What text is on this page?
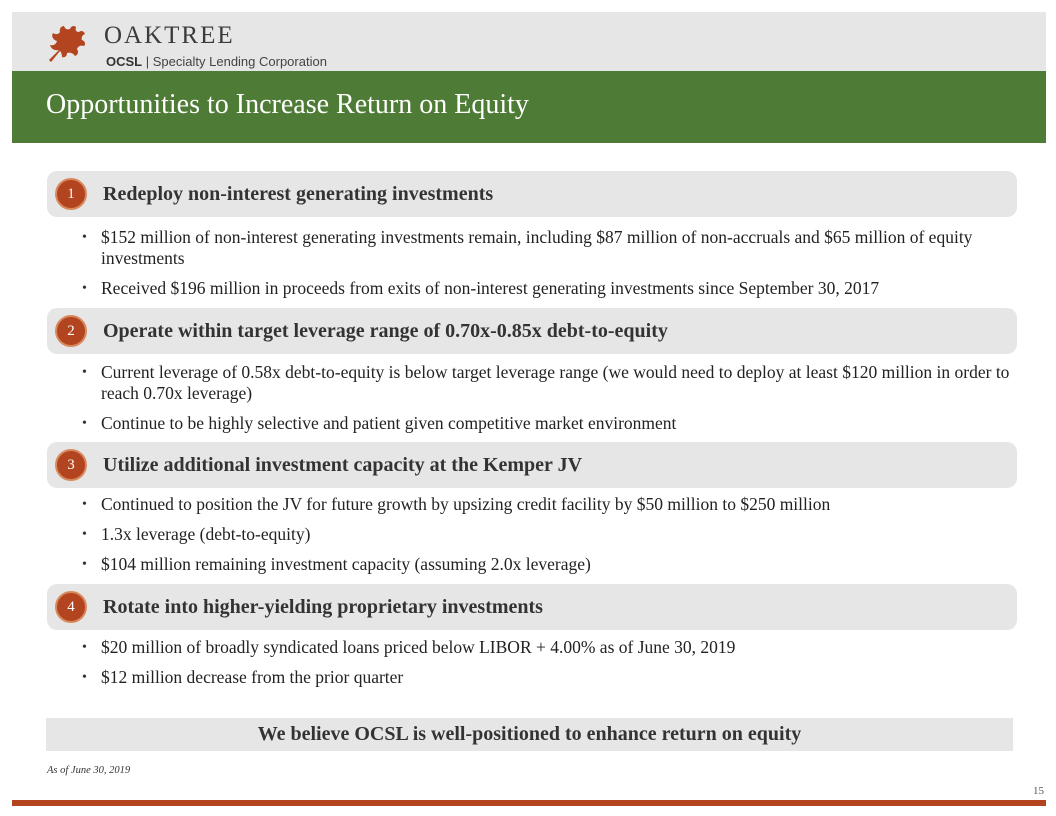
OAKTREE
OCSL | Specialty Lending Corporation
Opportunities to Increase Return on Equity
1	Redeploy non-interest generating investments
• $152 million of non-interest generating investments remain, including $87 million of non-accruals and $65 million of equity investments
• Received $196 million in proceeds from exits of non-interest generating investments since September 30, 2017
2	Operate within target leverage range of 0.70x-0.85x debt-to-equity
• Current leverage of 0.58x debt-to-equity is below target leverage range (we would need to deploy at least $120 million in order to reach 0.70x leverage)
• Continue to be highly selective and patient given competitive market environment
3	Utilize additional investment capacity at the Kemper JV
• Continued to position the JV for future growth by upsizing credit facility by $50 million to $250 million
• 1.3x leverage (debt-to-equity)
• $104 million remaining investment capacity (assuming 2.0x leverage)
4	Rotate into higher-yielding proprietary investments
• $20 million of broadly syndicated loans priced below LIBOR + 4.00% as of June 30, 2019
• $12 million decrease from the prior quarter
We believe OCSL is well-positioned to enhance return on equity
As of June 30, 2019
15
